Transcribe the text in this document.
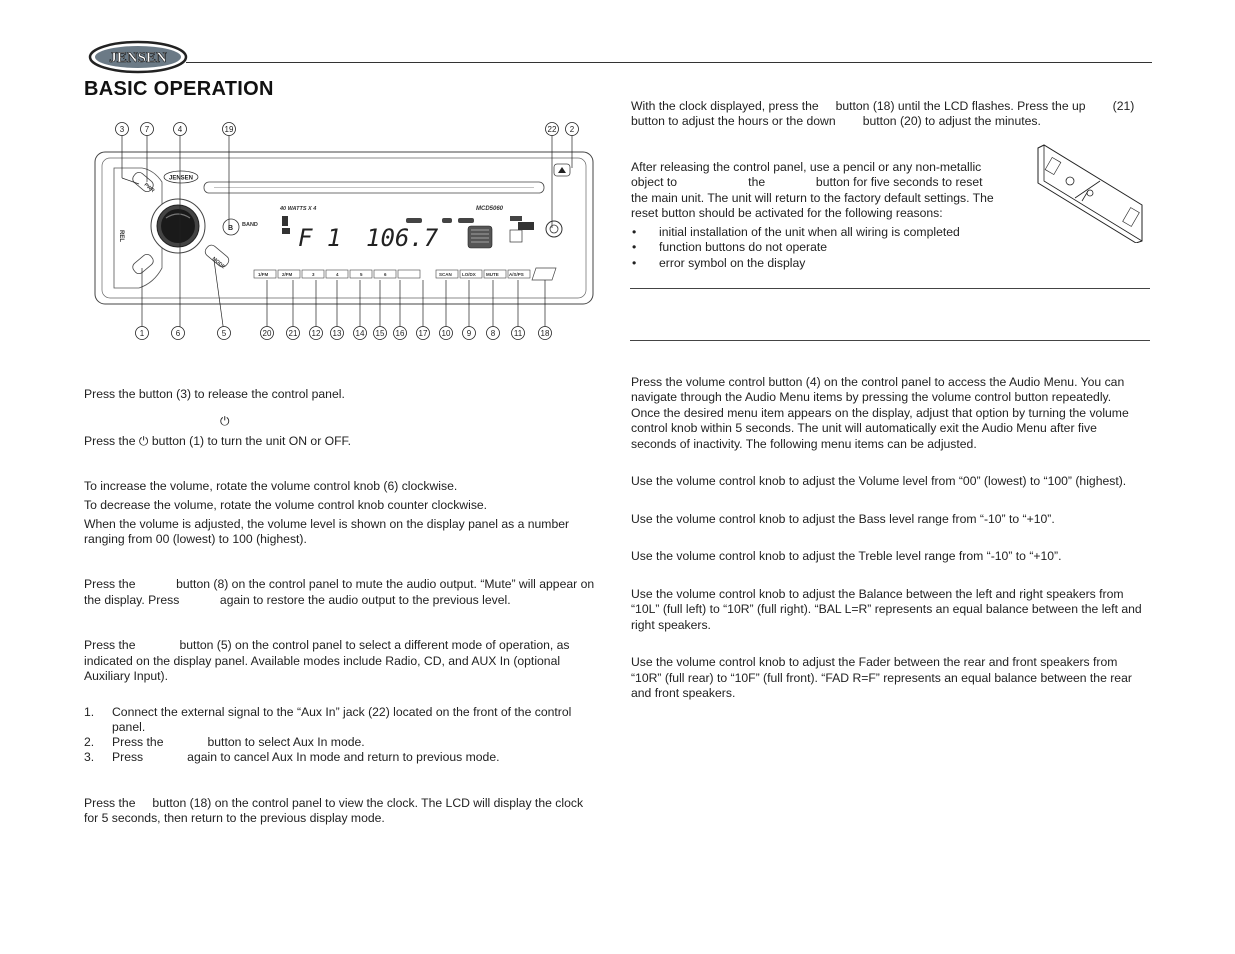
JENSEN
BASIC OPERATION
JENSEN
PWR
REL
MODE
B BAND
40 WATTS X 4	MCD5060
F 1 106.7
1/FM	2/FM	3	4	5	6	SCAN LO/DX MUTE A/S/PS
3	7	4	19	22 2
1	6	5	20 21 12 13 14 15 16 17 10 9 8 11 18
Press the button (3) to release the control panel.
⏻
Press the ⏻ button (1) to turn the unit ON or OFF.
To increase the volume, rotate the volume control knob (6) clockwise.
To decrease the volume, rotate the volume control knob counter clockwise.
When the volume is adjusted, the volume level is shown on the display panel as a number
ranging from 00 (lowest) to 100 (highest).
Press the            button (8) on the control panel to mute the audio output. “Mute” will appear on
the display. Press            again to restore the audio output to the previous level.
Press the             button (5) on the control panel to select a different mode of operation, as
indicated on the display panel. Available modes include Radio, CD, and AUX In (optional
Auxiliary Input).
1. Connect the external signal to the “Aux In” jack (22) located on the front of the control
panel.
2. Press the             button to select Aux In mode.
3. Press             again to cancel Aux In mode and return to previous mode.
Press the     button (18) on the control panel to view the clock. The LCD will display the clock
for 5 seconds, then return to the previous display mode.
With the clock displayed, press the     button (18) until the LCD flashes. Press the up        (21)
button to adjust the hours or the down        button (20) to adjust the minutes.
After releasing the control panel, use a pencil or any non-metallic
object to                     the               button for five seconds to reset
the main unit. The unit will return to the factory default settings. The
reset button should be activated for the following reasons:
• initial installation of the unit when all wiring is completed
• function buttons do not operate
• error symbol on the display
Press the volume control button (4) on the control panel to access the Audio Menu. You can
navigate through the Audio Menu items by pressing the volume control button repeatedly.
Once the desired menu item appears on the display, adjust that option by turning the volume
control knob within 5 seconds. The unit will automatically exit the Audio Menu after five
seconds of inactivity. The following menu items can be adjusted.
Use the volume control knob to adjust the Volume level from “00” (lowest) to “100” (highest).
Use the volume control knob to adjust the Bass level range from “-10” to “+10”.
Use the volume control knob to adjust the Treble level range from “-10” to “+10”.
Use the volume control knob to adjust the Balance between the left and right speakers from
“10L” (full left) to “10R” (full right). “BAL L=R” represents an equal balance between the left and
right speakers.
Use the volume control knob to adjust the Fader between the rear and front speakers from
“10R” (full rear) to “10F” (full front). “FAD R=F” represents an equal balance between the rear
and front speakers.
